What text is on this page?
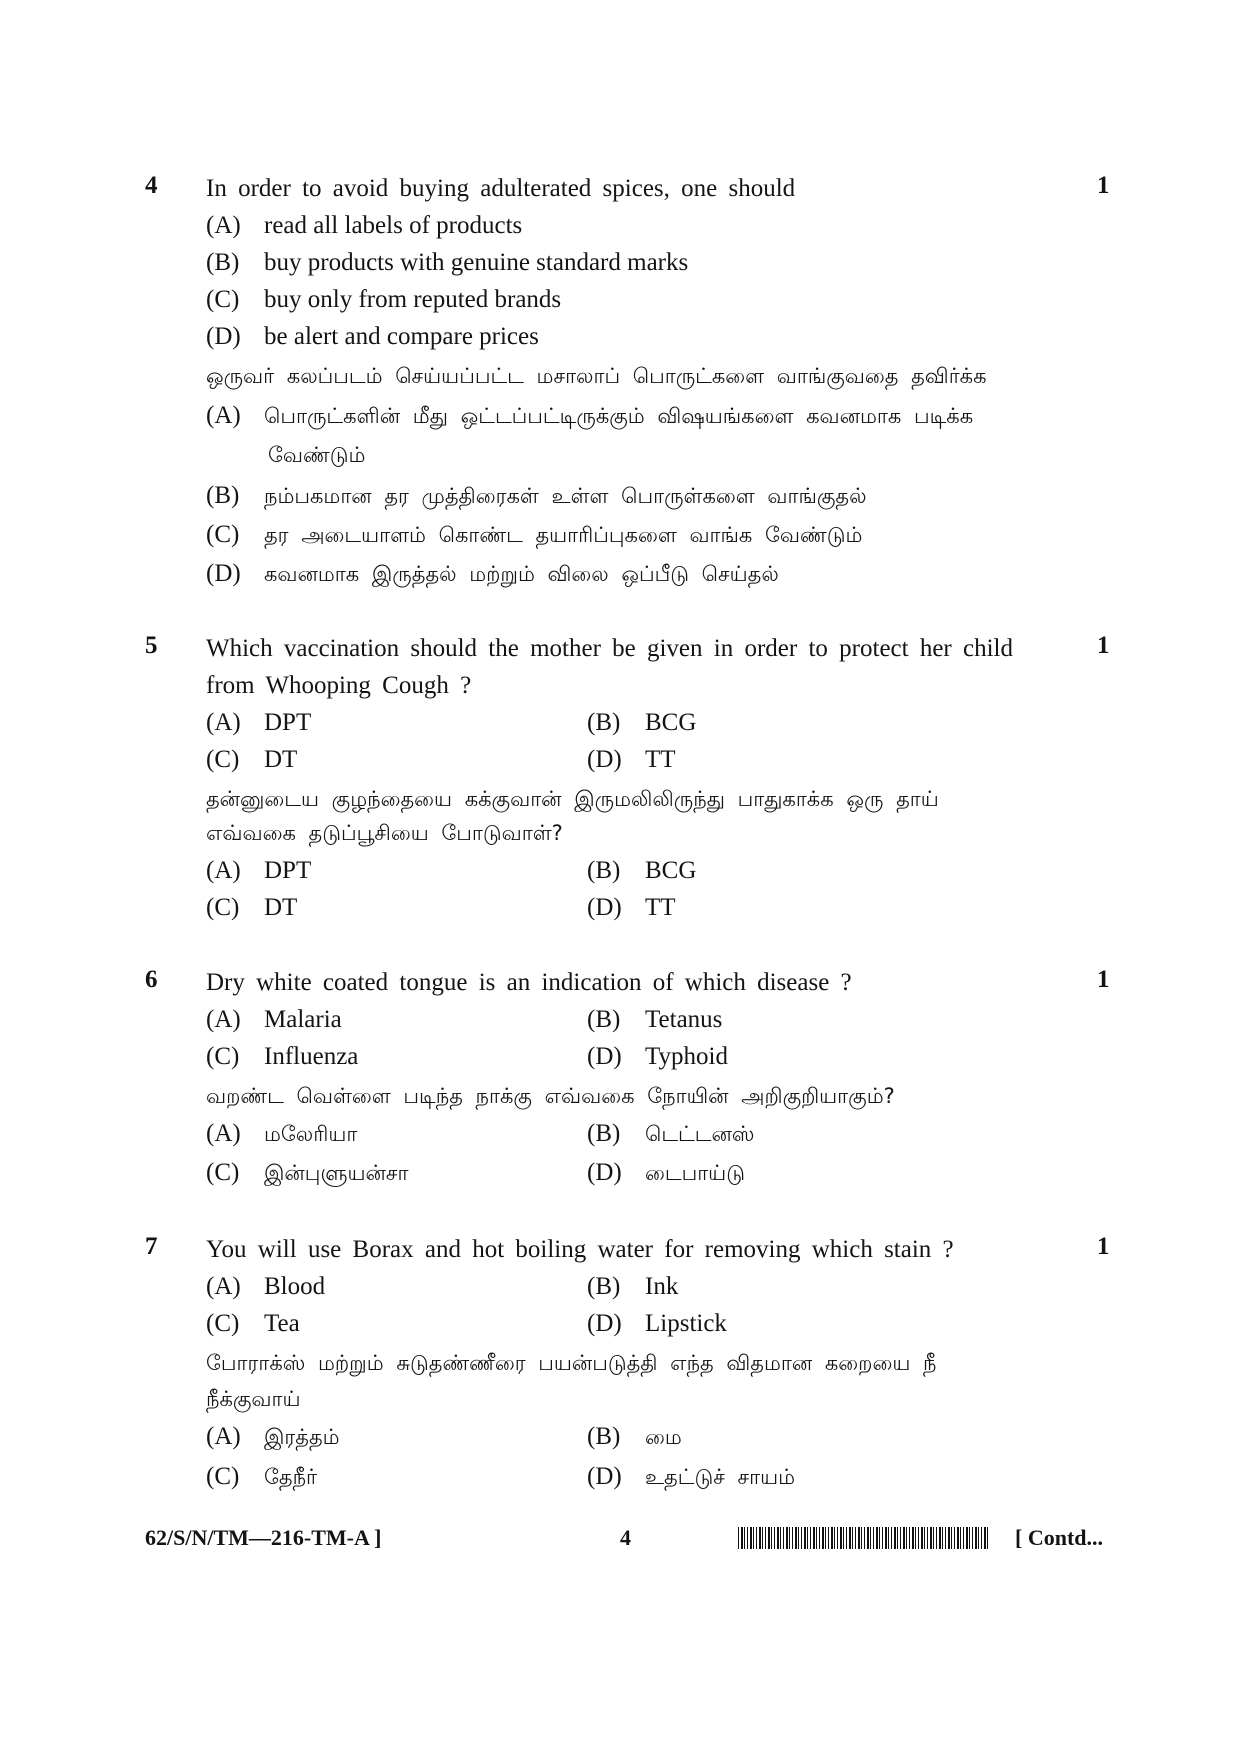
4	1
In order to avoid buying adulterated spices, one should
(A) read all labels of products
(B) buy products with genuine standard marks
(C) buy only from reputed brands
(D) be alert and compare prices
ஒருவர் கலப்படம் செய்யப்பட்ட மசாலாப் பொருட்களை வாங்குவதை தவிர்க்க
(A) பொருட்களின் மீது ஒட்டப்பட்டிருக்கும் விஷயங்களை கவனமாக படிக்க
வேண்டும்
(B) நம்பகமான தர முத்திரைகள் உள்ள பொருள்களை வாங்குதல்
(C) தர அடையாளம் கொண்ட தயாரிப்புகளை வாங்க வேண்டும்
(D) கவனமாக இருத்தல் மற்றும் விலை ஒப்பீடு செய்தல்
5	1
Which vaccination should the mother be given in order to protect her child
from Whooping Cough ?
(A) DPT	(B) BCG
(C) DT	(D) TT
தன்னுடைய குழந்தையை கக்குவான் இருமலிலிருந்து பாதுகாக்க ஒரு தாய்
எவ்வகை தடுப்பூசியை போடுவாள்?
(A) DPT	(B) BCG
(C) DT	(D) TT
6	1
Dry white coated tongue is an indication of which disease ?
(A) Malaria	(B) Tetanus
(C) Influenza	(D) Typhoid
வறண்ட வெள்ளை படிந்த நாக்கு எவ்வகை நோயின் அறிகுறியாகும்?
(A) மலேரியா	(B) டெட்டனஸ்
(C) இன்புளுயன்சா	(D) டைபாய்டு
7	1
You will use Borax and hot boiling water for removing which stain ?
(A) Blood	(B) Ink
(C) Tea	(D) Lipstick
போராக்ஸ் மற்றும் சுடுதண்ணீரை பயன்படுத்தி எந்த விதமான கறையை நீ
நீக்குவாய்
(A) இரத்தம்	(B) மை
(C) தேநீர்	(D) உதட்டுச் சாயம்
62/S/N/TM—216-TM-A ]	4	[ Contd...
